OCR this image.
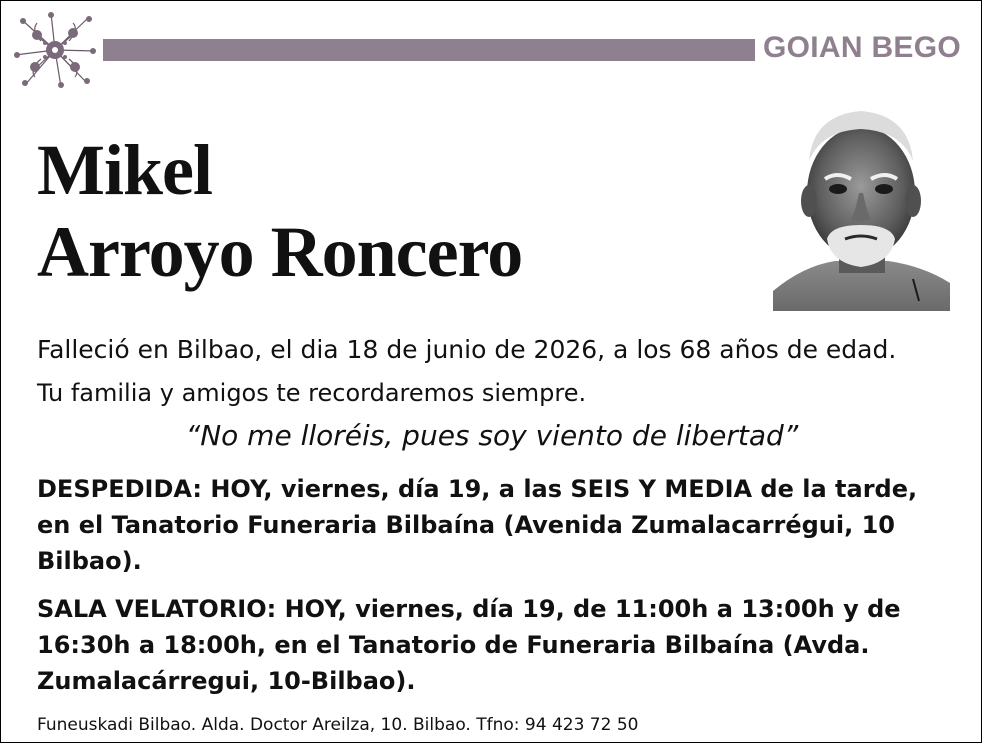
GOIAN BEGO
Mikel
Arroyo Roncero
Falleció en Bilbao, el dia 18 de junio de 2026, a los 68 años de edad.
Tu familia y amigos te recordaremos siempre.
“No me lloréis, pues soy viento de libertad”
DESPEDIDA: HOY, viernes, día 19, a las SEIS Y MEDIA de la tarde, en el Tanatorio Funeraria Bilbaína (Avenida Zumalacarrégui, 10 Bilbao).
SALA VELATORIO: HOY, viernes, día 19, de 11:00h a 13:00h y de 16:30h a 18:00h, en el Tanatorio de Funeraria Bilbaína (Avda. Zumalacárregui, 10-Bilbao).
Funeuskadi Bilbao. Alda. Doctor Areilza, 10. Bilbao. Tfno: 94 423 72 50
